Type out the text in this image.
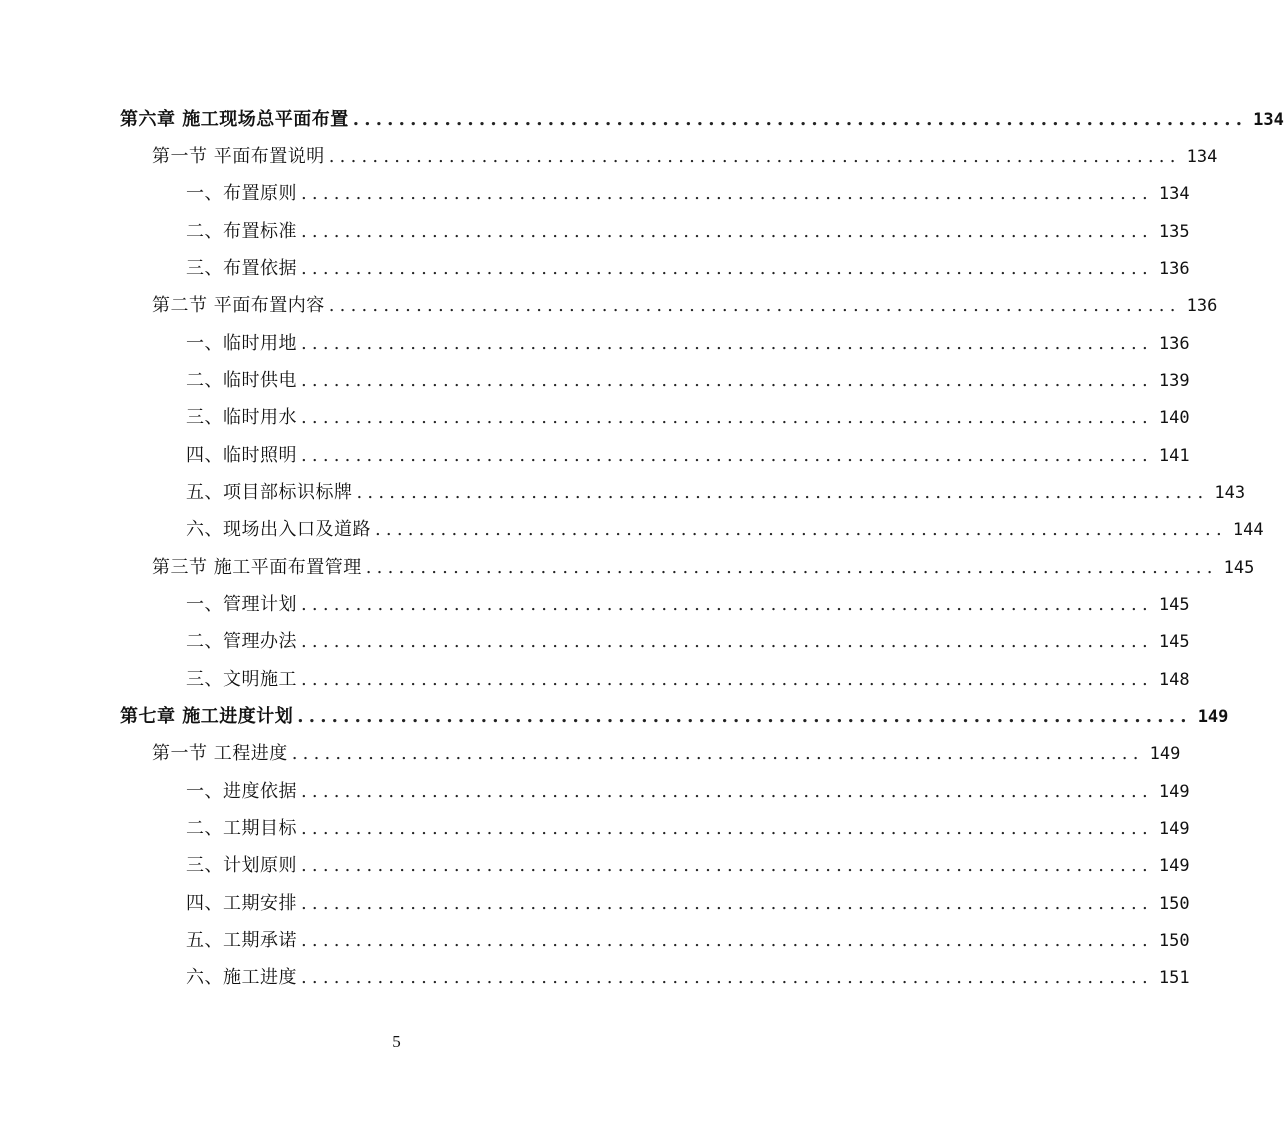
第六章 施工现场总平面布置 .............................................................................. 134
第一节 平面布置说明 .............................................................................. 134
一、布置原则 .............................................................................. 134
二、布置标准 .............................................................................. 135
三、布置依据 .............................................................................. 136
第二节 平面布置内容 .............................................................................. 136
一、临时用地 .............................................................................. 136
二、临时供电 .............................................................................. 139
三、临时用水 .............................................................................. 140
四、临时照明 .............................................................................. 141
五、项目部标识标牌 .............................................................................. 143
六、现场出入口及道路 .............................................................................. 144
第三节 施工平面布置管理 .............................................................................. 145
一、管理计划 .............................................................................. 145
二、管理办法 .............................................................................. 145
三、文明施工 .............................................................................. 148
第七章 施工进度计划 .............................................................................. 149
第一节 工程进度 .............................................................................. 149
一、进度依据 .............................................................................. 149
二、工期目标 .............................................................................. 149
三、计划原则 .............................................................................. 149
四、工期安排 .............................................................................. 150
五、工期承诺 .............................................................................. 150
六、施工进度 .............................................................................. 151
5
